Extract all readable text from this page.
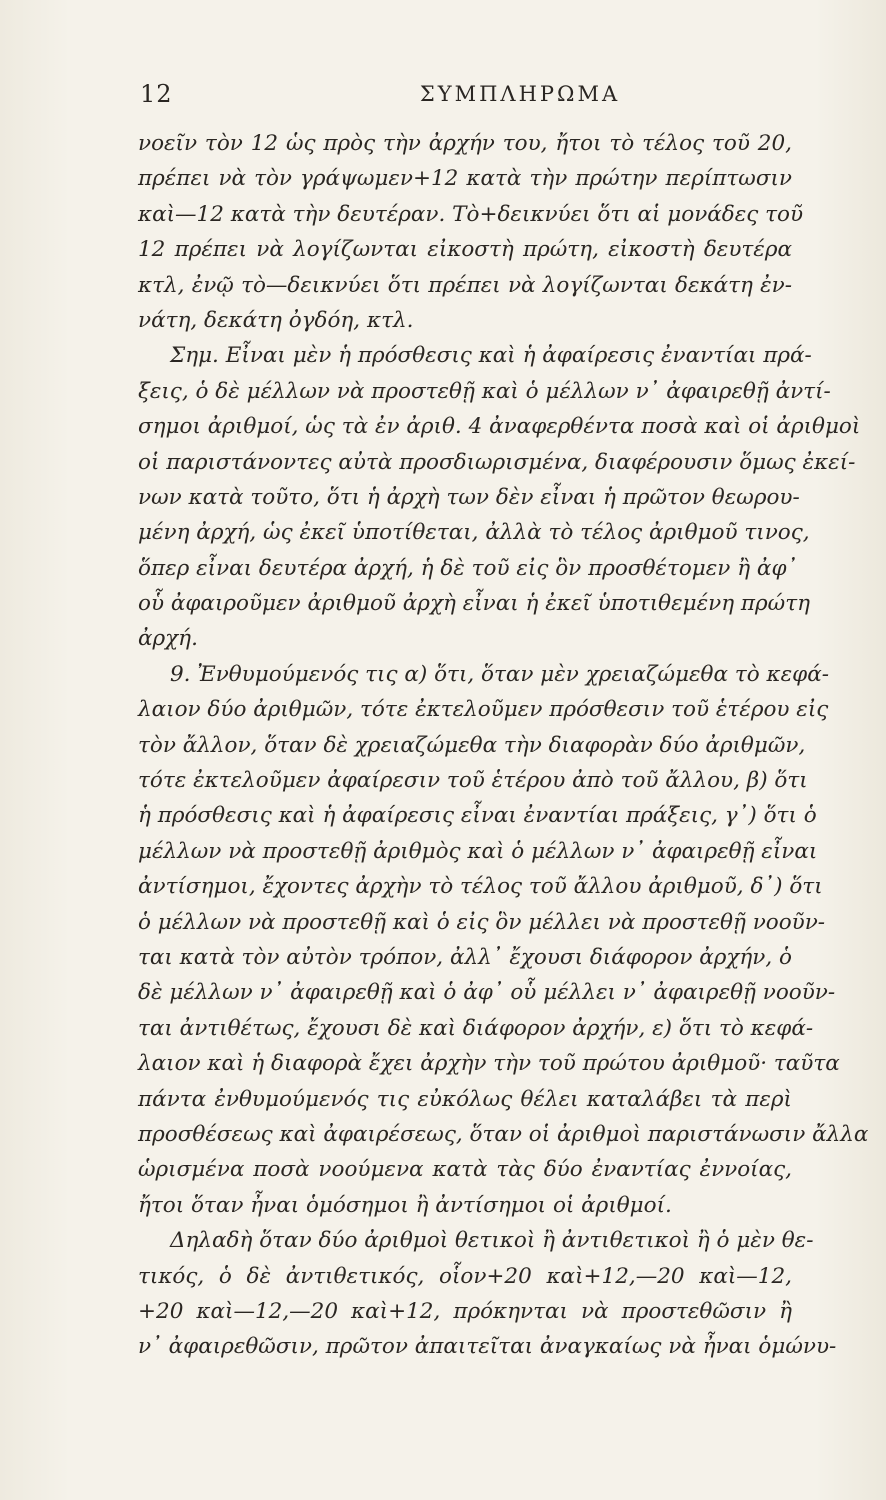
12	ΣΥΜΠΛΗΡΩΜΑ
νοεῖν τὸν 12 ὡς πρὸς τὴν ἀρχήν του, ἤτοι τὸ τέλος τοῦ 20,
πρέπει νὰ τὸν γράψωμεν+12 κατὰ τὴν πρώτην περίπτωσιν
καὶ—12 κατὰ τὴν δευτέραν. Τὸ+δεικνύει ὅτι αἱ μονάδες τοῦ
12 πρέπει νὰ λογίζωνται εἰκοστὴ πρώτη, εἰκοστὴ δευτέρα
κτλ, ἐνῷ τὸ—δεικνύει ὅτι πρέπει νὰ λογίζωνται δεκάτη ἐν-
νάτη, δεκάτη ὀγδόη, κτλ.
Σημ. Εἶναι μὲν ἡ πρόσθεσις καὶ ἡ ἀφαίρεσις ἐναντίαι πρά-
ξεις, ὁ δὲ μέλλων νὰ προστεθῇ καὶ ὁ μέλλων ν᾽ ἀφαιρεθῇ ἀντί-
σημοι ἀριθμοί, ὡς τὰ ἐν ἀριθ. 4 ἀναφερθέντα ποσὰ καὶ οἱ ἀριθμοὶ
οἱ παριστάνοντες αὐτὰ προσδιωρισμένα, διαφέρουσιν ὅμως ἐκεί-
νων κατὰ τοῦτο, ὅτι ἡ ἀρχὴ των δὲν εἶναι ἡ πρῶτον θεωρου-
μένη ἀρχή, ὡς ἐκεῖ ὑποτίθεται, ἀλλὰ τὸ τέλος ἀριθμοῦ τινος,
ὅπερ εἶναι δευτέρα ἀρχή, ἡ δὲ τοῦ εἰς ὃν προσθέτομεν ἢ ἀφ᾽
οὗ ἀφαιροῦμεν ἀριθμοῦ ἀρχὴ εἶναι ἡ ἐκεῖ ὑποτιθεμένη πρώτη
ἀρχή.
9. Ἐνθυμούμενός τις α) ὅτι, ὅταν μὲν χρειαζώμεθα τὸ κεφά-
λαιον δύο ἀριθμῶν, τότε ἐκτελοῦμεν πρόσθεσιν τοῦ ἑτέρου εἰς
τὸν ἄλλον, ὅταν δὲ χρειαζώμεθα τὴν διαφορὰν δύο ἀριθμῶν,
τότε ἐκτελοῦμεν ἀφαίρεσιν τοῦ ἑτέρου ἀπὸ τοῦ ἄλλου, β) ὅτι
ἡ πρόσθεσις καὶ ἡ ἀφαίρεσις εἶναι ἐναντίαι πράξεις, γ᾽) ὅτι ὁ
μέλλων νὰ προστεθῇ ἀριθμὸς καὶ ὁ μέλλων ν᾽ ἀφαιρεθῇ εἶναι
ἀντίσημοι, ἔχοντες ἀρχὴν τὸ τέλος τοῦ ἄλλου ἀριθμοῦ, δ᾽) ὅτι
ὁ μέλλων νὰ προστεθῇ καὶ ὁ εἰς ὃν μέλλει νὰ προστεθῇ νοοῦν-
ται κατὰ τὸν αὐτὸν τρόπον, ἀλλ᾽ ἔχουσι διάφορον ἀρχήν, ὁ
δὲ μέλλων ν᾽ ἀφαιρεθῇ καὶ ὁ ἀφ᾽ οὗ μέλλει ν᾽ ἀφαιρεθῇ νοοῦν-
ται ἀντιθέτως, ἔχουσι δὲ καὶ διάφορον ἀρχήν, ε) ὅτι τὸ κεφά-
λαιον καὶ ἡ διαφορὰ ἔχει ἀρχὴν τὴν τοῦ πρώτου ἀριθμοῦ· ταῦτα
πάντα ἐνθυμούμενός τις εὐκόλως θέλει καταλάβει τὰ περὶ
προσθέσεως καὶ ἀφαιρέσεως, ὅταν οἱ ἀριθμοὶ παριστάνωσιν ἄλλα
ὡρισμένα ποσὰ νοούμενα κατὰ τὰς δύο ἐναντίας ἐννοίας,
ἤτοι ὅταν ἦναι ὁμόσημοι ἢ ἀντίσημοι οἱ ἀριθμοί.
Δηλαδὴ ὅταν δύο ἀριθμοὶ θετικοὶ ἢ ἀντιθετικοὶ ἢ ὁ μὲν θε-
τικός, ὁ δὲ ἀντιθετικός, οἷον+20 καὶ+12,—20 καὶ—12,
+20 καὶ—12,—20 καὶ+12, πρόκηνται νὰ προστεθῶσιν ἢ
ν᾽ ἀφαιρεθῶσιν, πρῶτον ἀπαιτεῖται ἀναγκαίως νὰ ἦναι ὁμώνυ-
